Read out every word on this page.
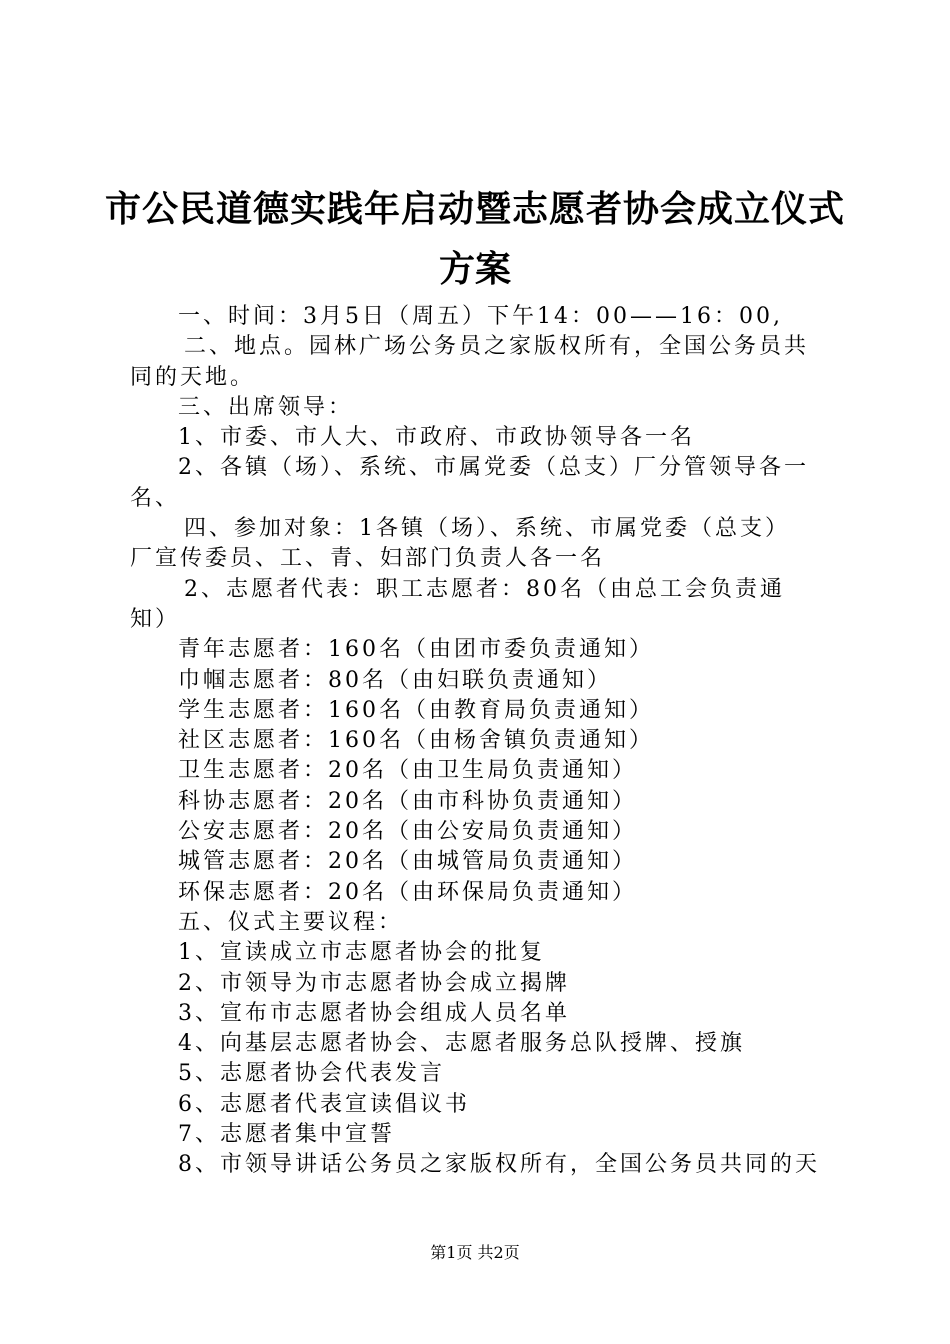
市公民道德实践年启动暨志愿者协会成立仪式
方案
一、时间：3月5日（周五）下午14：00——16：00,
二、地点。园林广场公务员之家版权所有，全国公务员共
同的天地。
三、出席领导：
1、市委、市人大、市政府、市政协领导各一名
2、各镇（场）、系统、市属党委（总支）厂分管领导各一
名、
四、参加对象：1各镇（场）、系统、市属党委（总支）
厂宣传委员、工、青、妇部门负责人各一名
2、志愿者代表：职工志愿者：80名（由总工会负责通
知）
青年志愿者：160名（由团市委负责通知）
巾帼志愿者：80名（由妇联负责通知）
学生志愿者：160名（由教育局负责通知）
社区志愿者：160名（由杨舍镇负责通知）
卫生志愿者：20名（由卫生局负责通知）
科协志愿者：20名（由市科协负责通知）
公安志愿者：20名（由公安局负责通知）
城管志愿者：20名（由城管局负责通知）
环保志愿者：20名（由环保局负责通知）
五、仪式主要议程：
1、宣读成立市志愿者协会的批复
2、市领导为市志愿者协会成立揭牌
3、宣布市志愿者协会组成人员名单
4、向基层志愿者协会、志愿者服务总队授牌、授旗
5、志愿者协会代表发言
6、志愿者代表宣读倡议书
7、志愿者集中宣誓
8、市领导讲话公务员之家版权所有，全国公务员共同的天
第1页 共2页
